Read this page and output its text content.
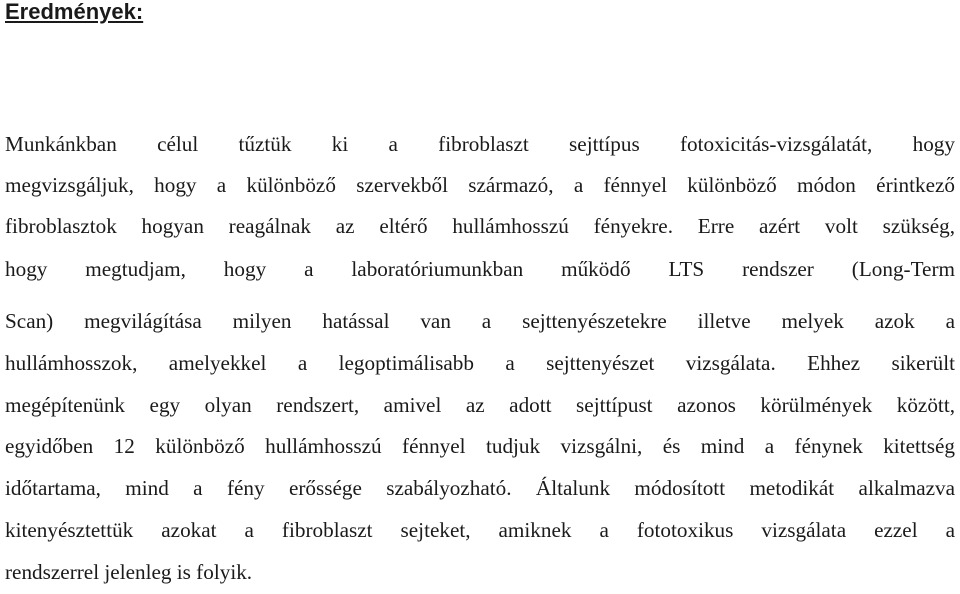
Eredmények:

Munkánkban célul tűztük ki a fibroblaszt sejttípus fotoxicitás-vizsgálatát, hogy

megvizsgáljuk, hogy a különböző szervekből származó, a fénnyel különböző módon érintkező

fibroblasztok hogyan reagálnak az eltérő hullámhosszú fényekre. Erre azért volt szükség,

hogy megtudjam, hogy a laboratóriumunkban működő LTS rendszer (Long-Term

Scan) megvilágítása milyen hatással van a sejttenyészetekre illetve melyek azok a

hullámhosszok, amelyekkel a legoptimálisabb a sejttenyészet vizsgálata. Ehhez sikerült

megépítenünk egy olyan rendszert, amivel az adott sejttípust azonos körülmények között,

egyidőben 12 különböző hullámhosszú fénnyel tudjuk vizsgálni, és mind a fénynek kitettség

időtartama, mind a fény erőssége szabályozható. Általunk módosított metodikát alkalmazva

kitenyésztettük azokat a fibroblaszt sejteket, amiknek a fototoxikus vizsgálata ezzel a

rendszerrel jelenleg is folyik.
